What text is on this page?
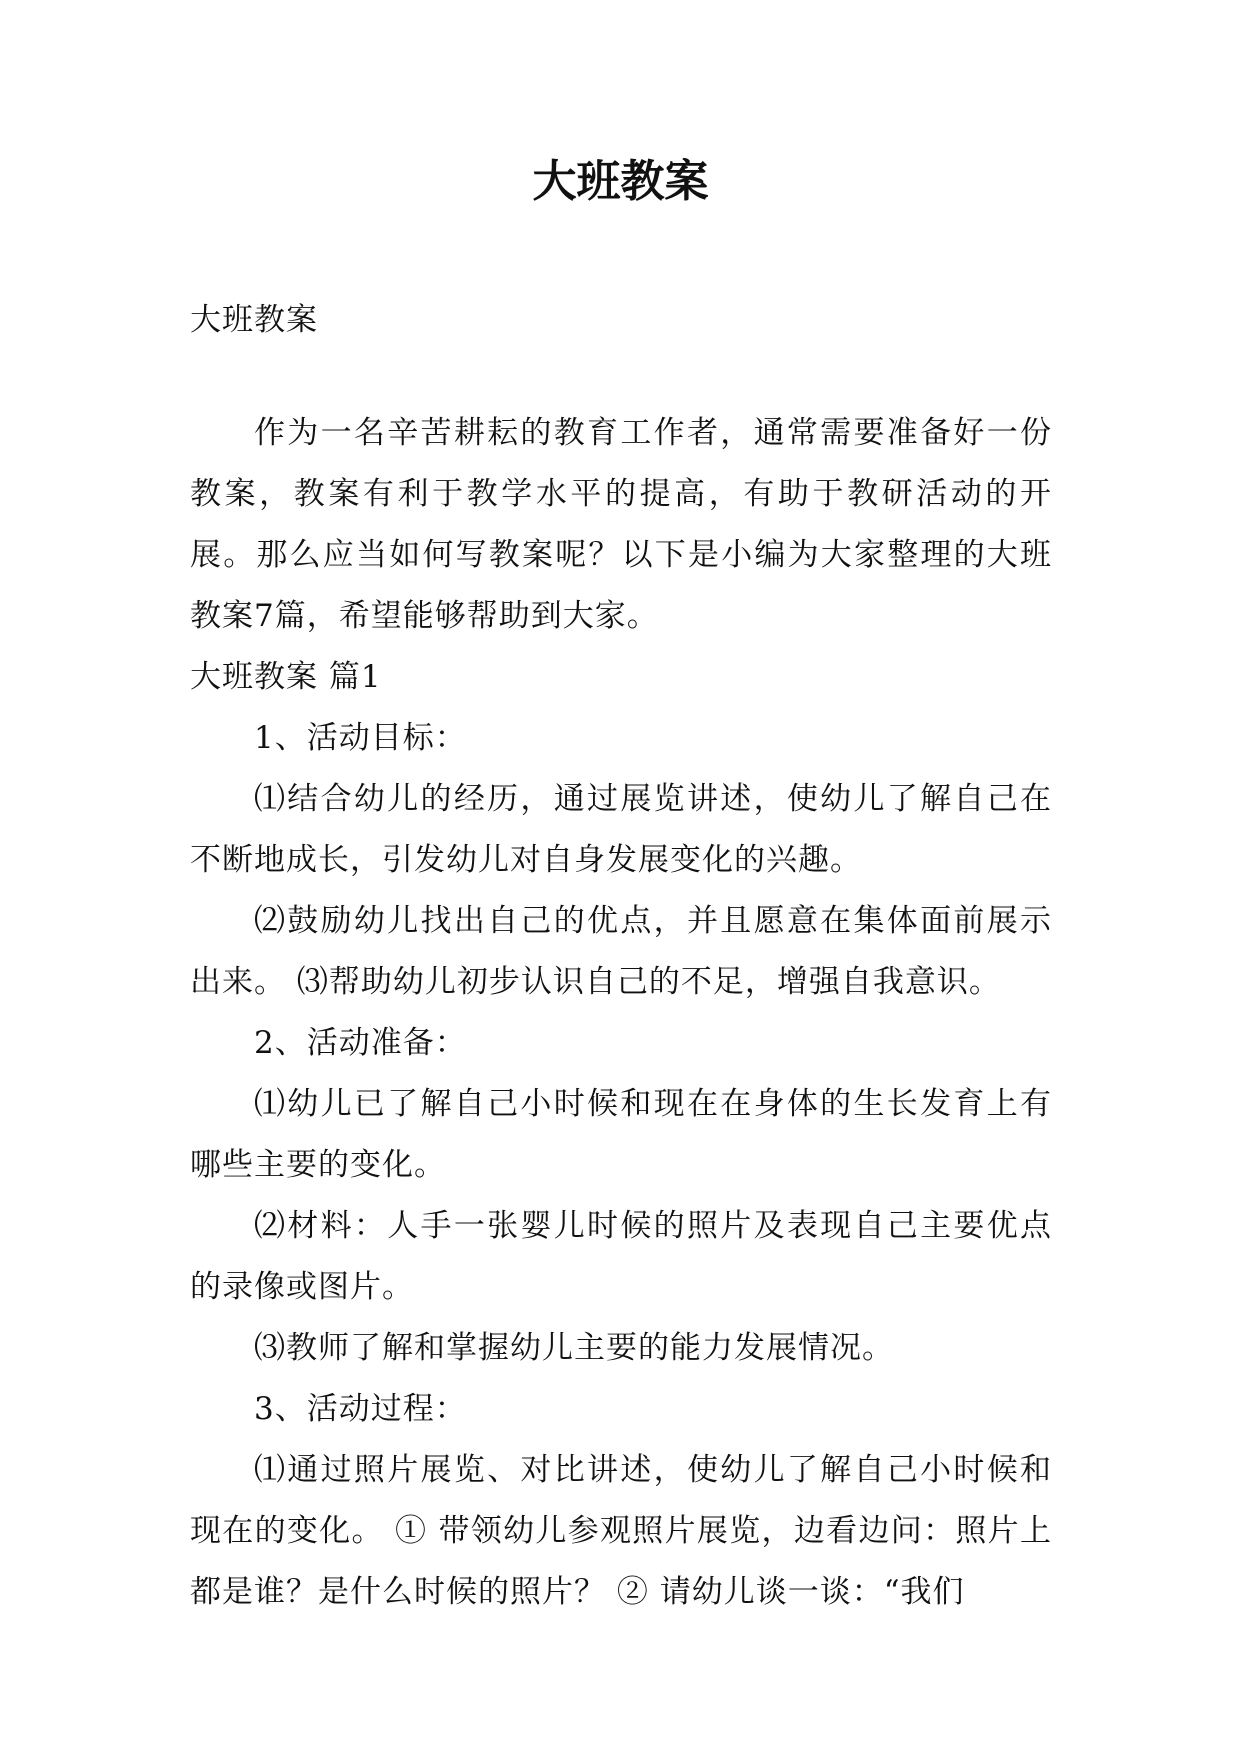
大班教案

大班教案

作为一名辛苦耕耘的教育工作者，通常需要准备好一份教案，教案有利于教学水平的提高，有助于教研活动的开展。那么应当如何写教案呢？以下是小编为大家整理的大班教案7篇，希望能够帮助到大家。

大班教案 篇1

1、活动目标：

⑴结合幼儿的经历，通过展览讲述，使幼儿了解自己在不断地成长，引发幼儿对自身发展变化的兴趣。

⑵鼓励幼儿找出自己的优点，并且愿意在集体面前展示出来。 ⑶帮助幼儿初步认识自己的不足，增强自我意识。

2、活动准备：

⑴幼儿已了解自己小时候和现在在身体的生长发育上有哪些主要的变化。

⑵材料：人手一张婴儿时候的照片及表现自己主要优点的录像或图片。

⑶教师了解和掌握幼儿主要的能力发展情况。

3、活动过程：

⑴通过照片展览、对比讲述，使幼儿了解自己小时候和现在的变化。 ① 带领幼儿参观照片展览，边看边问：照片上都是谁？是什么时候的照片？ ② 请幼儿谈一谈：“我们
